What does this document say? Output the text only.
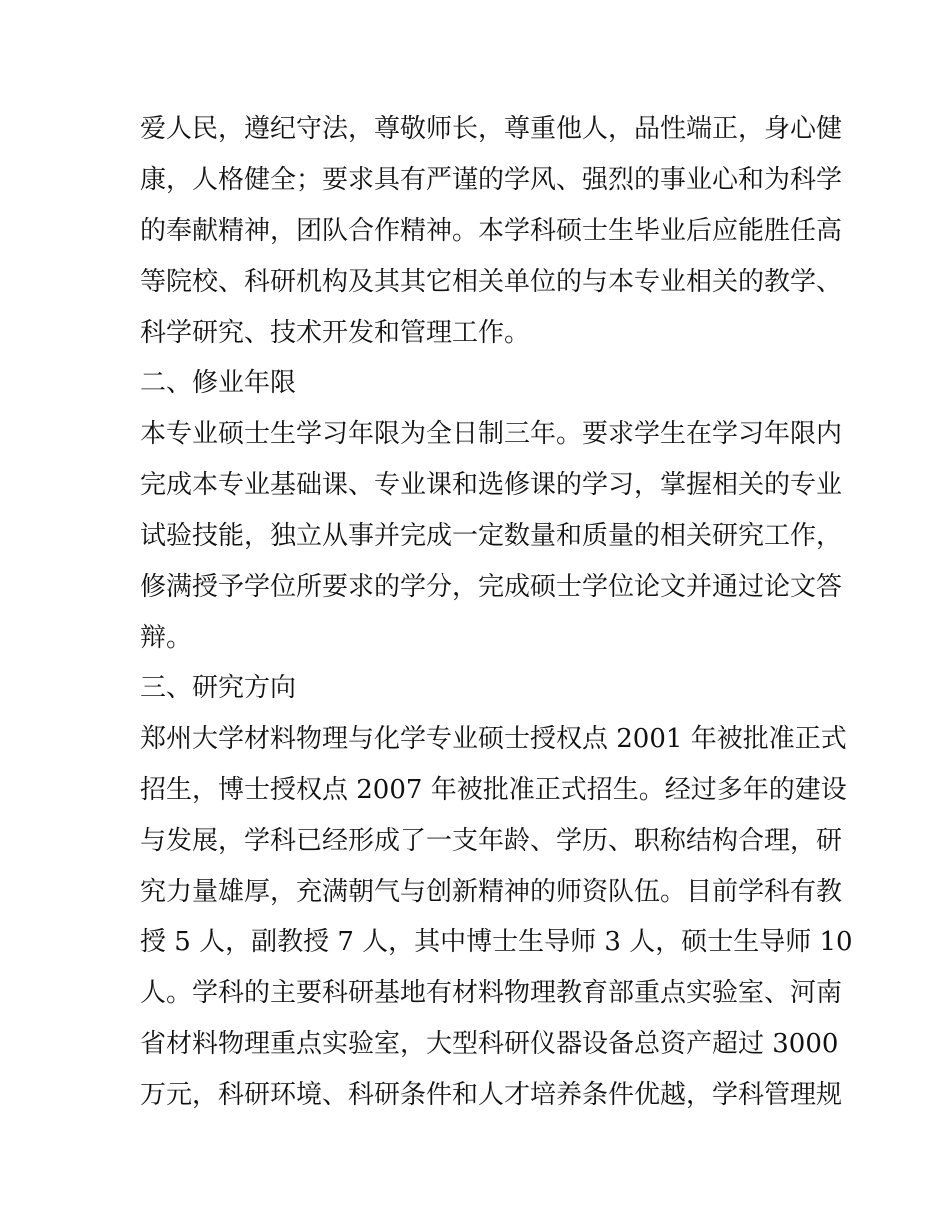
爱人民，遵纪守法，尊敬师长，尊重他人，品性端正，身心健
康，人格健全；要求具有严谨的学风、强烈的事业心和为科学
的奉献精神，团队合作精神。本学科硕士生毕业后应能胜任高
等院校、科研机构及其其它相关单位的与本专业相关的教学、
科学研究、技术开发和管理工作。
二、修业年限
本专业硕士生学习年限为全日制三年。要求学生在学习年限内
完成本专业基础课、专业课和选修课的学习，掌握相关的专业
试验技能，独立从事并完成一定数量和质量的相关研究工作，
修满授予学位所要求的学分，完成硕士学位论文并通过论文答
辩。
三、研究方向
郑州大学材料物理与化学专业硕士授权点 2001 年被批准正式
招生，博士授权点 2007 年被批准正式招生。经过多年的建设
与发展，学科已经形成了一支年龄、学历、职称结构合理，研
究力量雄厚，充满朝气与创新精神的师资队伍。目前学科有教
授 5 人，副教授 7 人，其中博士生导师 3 人，硕士生导师 10
人。学科的主要科研基地有材料物理教育部重点实验室、河南
省材料物理重点实验室，大型科研仪器设备总资产超过 3000
万元，科研环境、科研条件和人才培养条件优越，学科管理规
